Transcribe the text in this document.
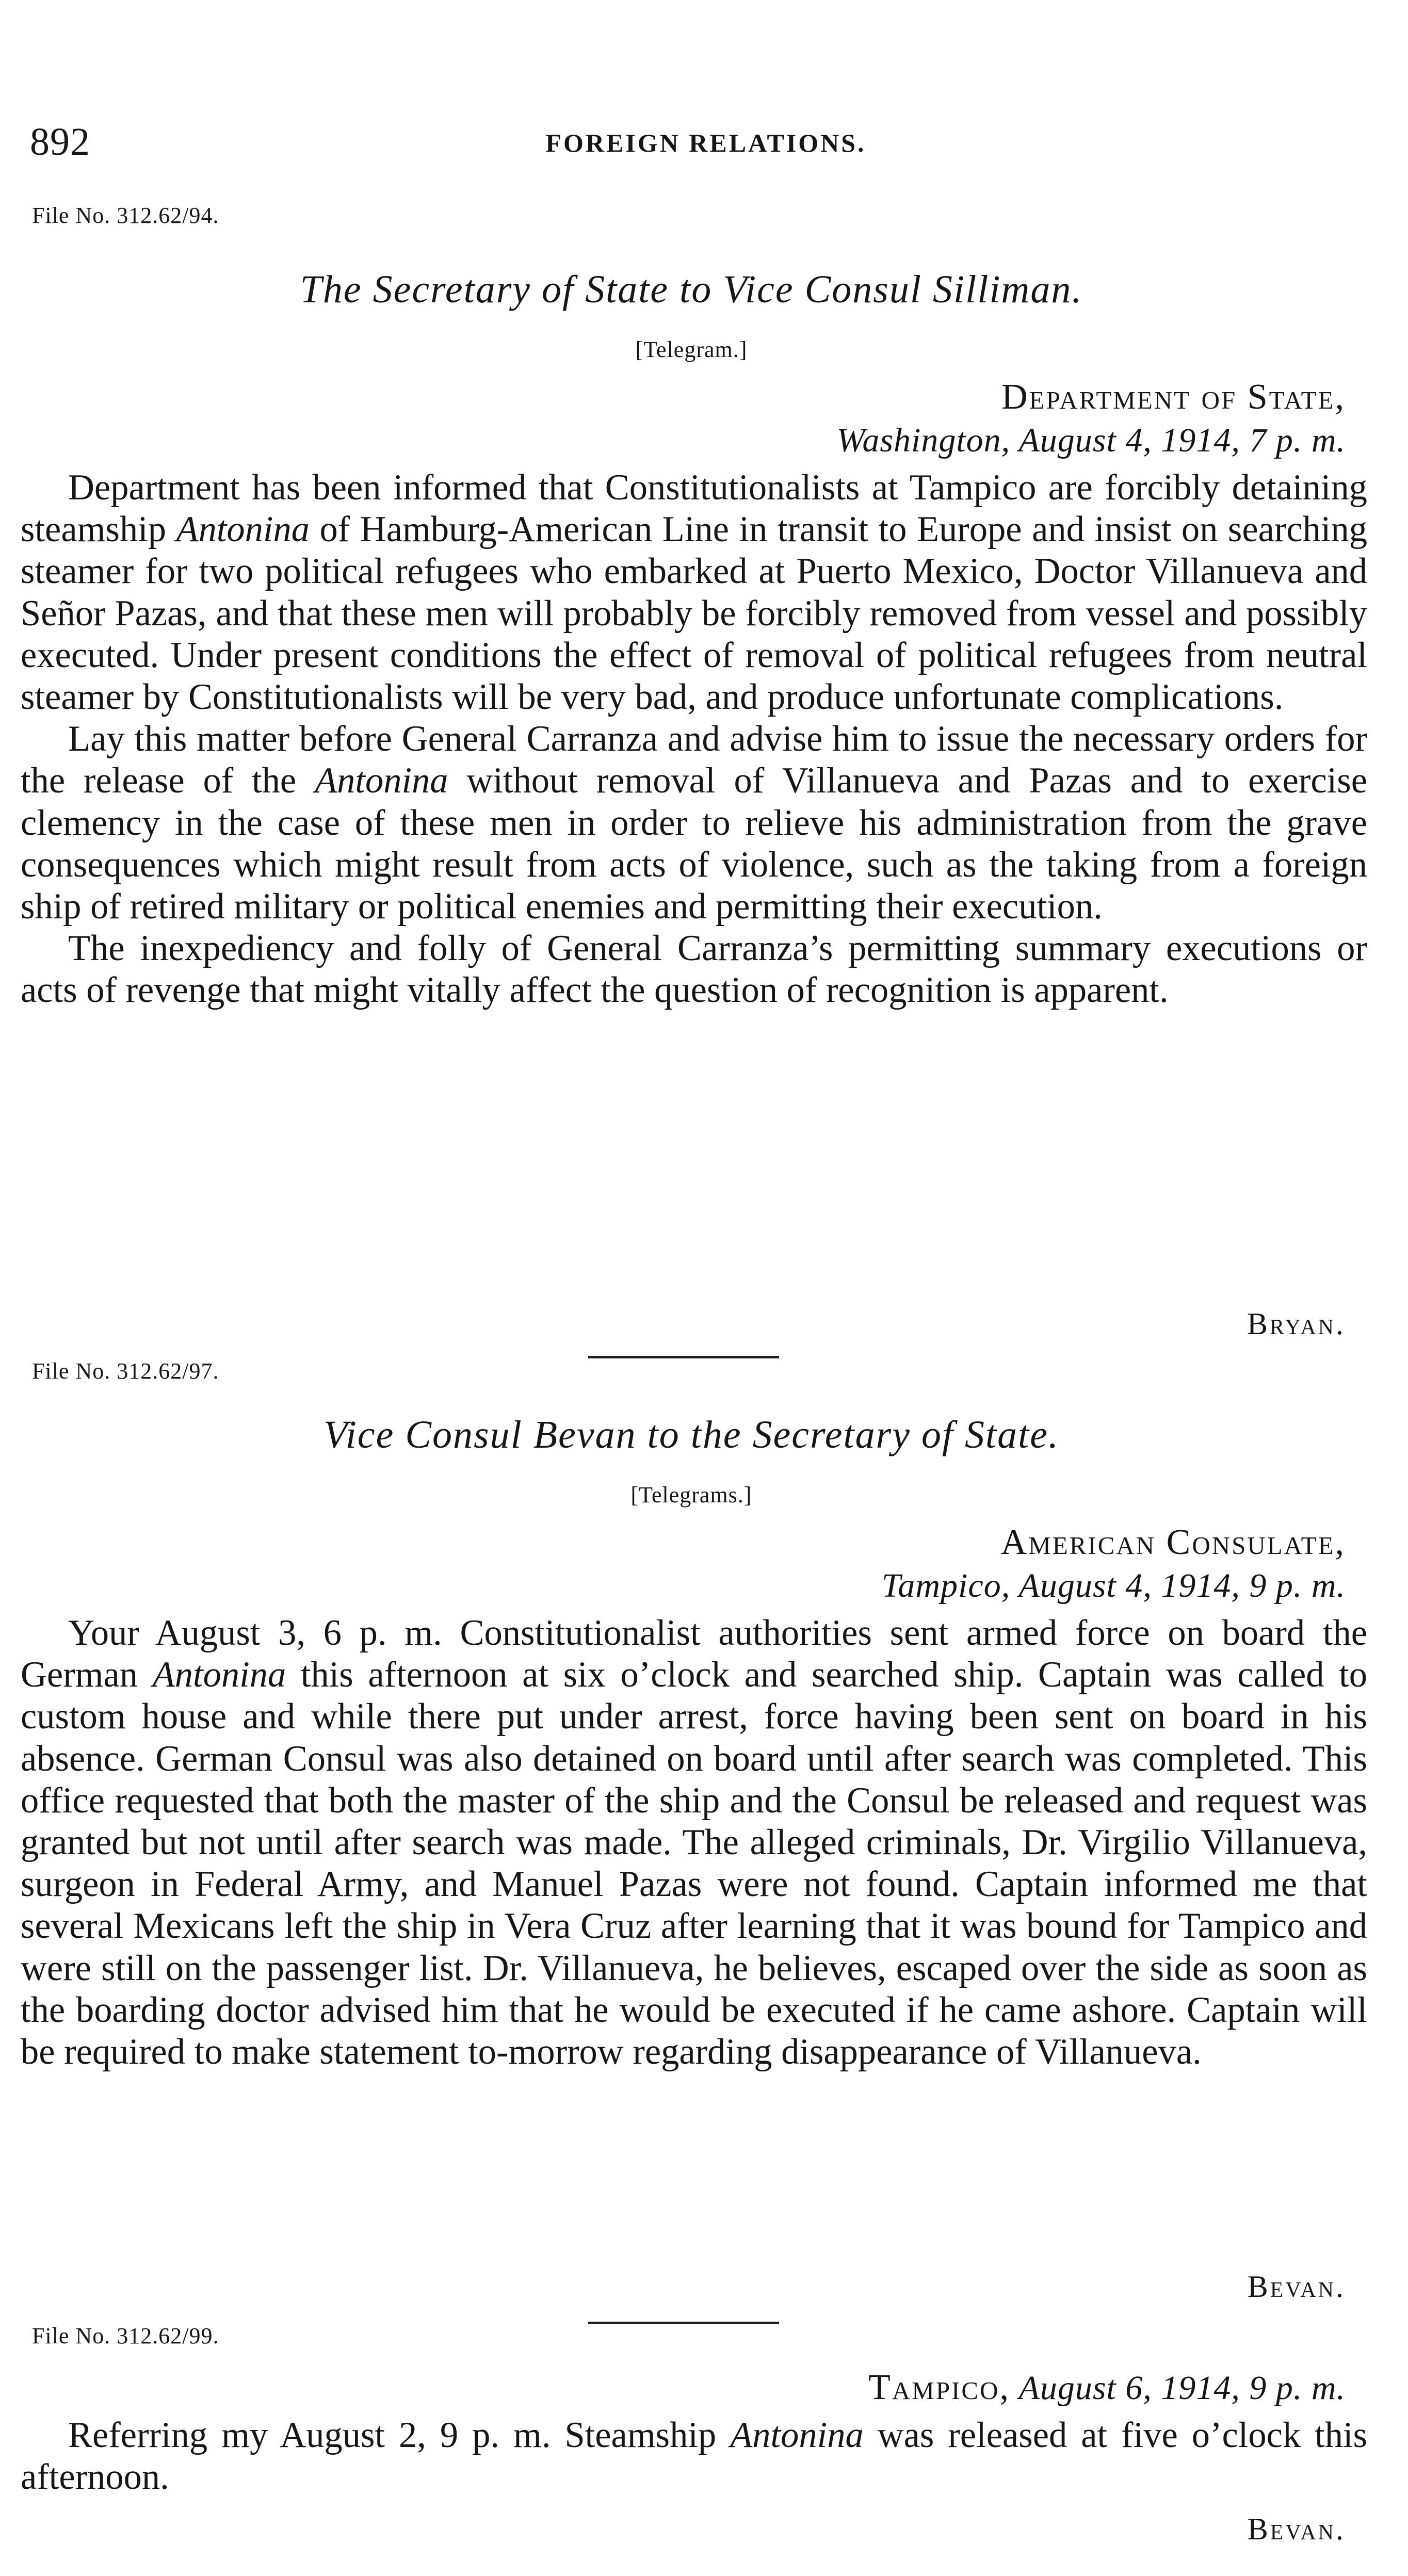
892	FOREIGN RELATIONS.
File No. 312.62/94.
The Secretary of State to Vice Consul Silliman.
[Telegram.]
Department of State,
Washington, August 4, 1914, 7 p. m.

Department has been informed that Constitutionalists at Tampico are forcibly detaining steamship Antonina of Hamburg-American Line in transit to Europe and insist on searching steamer for two political refugees who embarked at Puerto Mexico, Doctor Villanueva and Señor Pazas, and that these men will probably be forcibly removed from vessel and possibly executed. Under present conditions the effect of removal of political refugees from neutral steamer by Constitutionalists will be very bad, and produce unfortunate complications.

Lay this matter before General Carranza and advise him to issue the necessary orders for the release of the Antonina without removal of Villanueva and Pazas and to exercise clemency in the case of these men in order to relieve his administration from the grave consequences which might result from acts of violence, such as the taking from a foreign ship of retired military or political enemies and permitting their execution.

The inexpediency and folly of General Carranza’s permitting summary executions or acts of revenge that might vitally affect the question of recognition is apparent.

Bryan.
File No. 312.62/97.
Vice Consul Bevan to the Secretary of State.
[Telegrams.]
American Consulate,
Tampico, August 4, 1914, 9 p. m.

Your August 3, 6 p. m. Constitutionalist authorities sent armed force on board the German Antonina this afternoon at six o’clock and searched ship. Captain was called to custom house and while there put under arrest, force having been sent on board in his absence. German Consul was also detained on board until after search was completed. This office requested that both the master of the ship and the Consul be released and request was granted but not until after search was made. The alleged criminals, Dr. Virgilio Villanueva, surgeon in Federal Army, and Manuel Pazas were not found. Captain informed me that several Mexicans left the ship in Vera Cruz after learning that it was bound for Tampico and were still on the passenger list. Dr. Villanueva, he believes, escaped over the side as soon as the boarding doctor advised him that he would be executed if he came ashore. Captain will be required to make statement to-morrow regarding disappearance of Villanueva.

Bevan.
File No. 312.62/99.
Tampico, August 6, 1914, 9 p. m.

Referring my August 2, 9 p. m. Steamship Antonina was released at five o’clock this afternoon.

Bevan.
